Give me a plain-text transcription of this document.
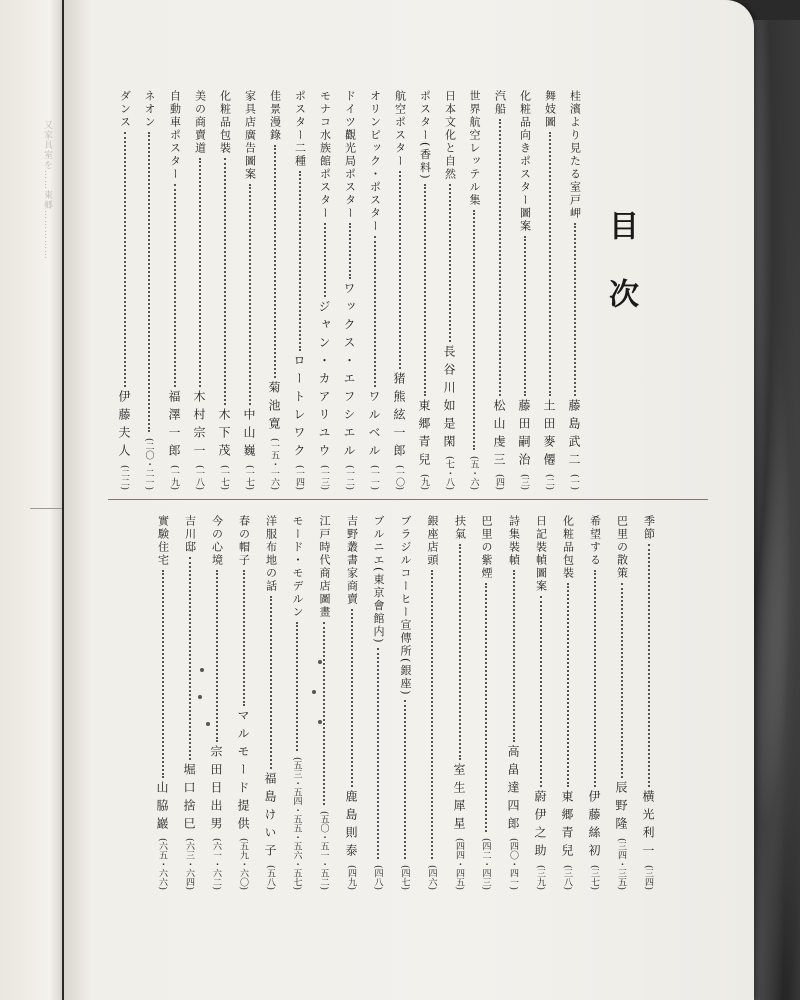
又家具室を……東郷……………
目次
桂濱より見たる室戸岬
藤島武二
(一)
舞妓圖
土田麥僊
(二)
化粧品向きポスター圖案
藤田嗣治
(三)
汽船
松山虔三
(四)
世界航空レッテル集
(五・六)
日本文化と自然
長谷川如是閑
(七・八)
ポスター(香料)
東郷青兒
(九)
航空ポスター
猪熊絃一郎
(一〇)
オリンピック・ポスター
ワルベル
(一一)
ドイツ觀光局ポスター
ワックス・エフシエル
(一二)
モナコ水族館ポスター
ジャン・カアリユウ
(一三)
ポスター二種
ロートレワク
(一四)
佳景漫錄
菊池寛
(一五・一六)
家具店廣告圖案
中山巍
(一七)
化粧品包裝
木下茂
(一七)
美の商賣道
木村宗一
(一八)
自動車ポスター
福澤一郎
(一九)
ネオン
(二〇・二一)
ダンス
伊藤夫人
(二二)
季節
横光利一
(三四)
巴里の散策
辰野隆
(三四・三五)
希望する
伊藤絲初
(三七)
化粧品包裝
東郷青兒
(三八)
日記裝幀圖案
蔚伊之助
(三九)
詩集裝幀
高畠達四郎
(四〇・四一)
巴里の紫煙
(四二・四三)
扶氣
室生犀星
(四四・四五)
銀座店頭
(四六)
ブラジルコーヒー宣傳所(銀座)
(四七)
ブルニエ(東京會館内)
(四八)
吉野叢書家商賣
鹿島則泰
(四九)
江戸時代商店圖畫
(五〇・五一・五二)
モード・モデルン
(五三・五四・五五・五六・五七)
洋服布地の話
福島けい子
(五八)
春の帽子
マルモード提供
(五九・六〇)
今の心境
宗田日出男
(六一・六二)
吉川邸
堀口捨巳
(六三・六四)
實験住宅
山脇巖
(六五・六六)
